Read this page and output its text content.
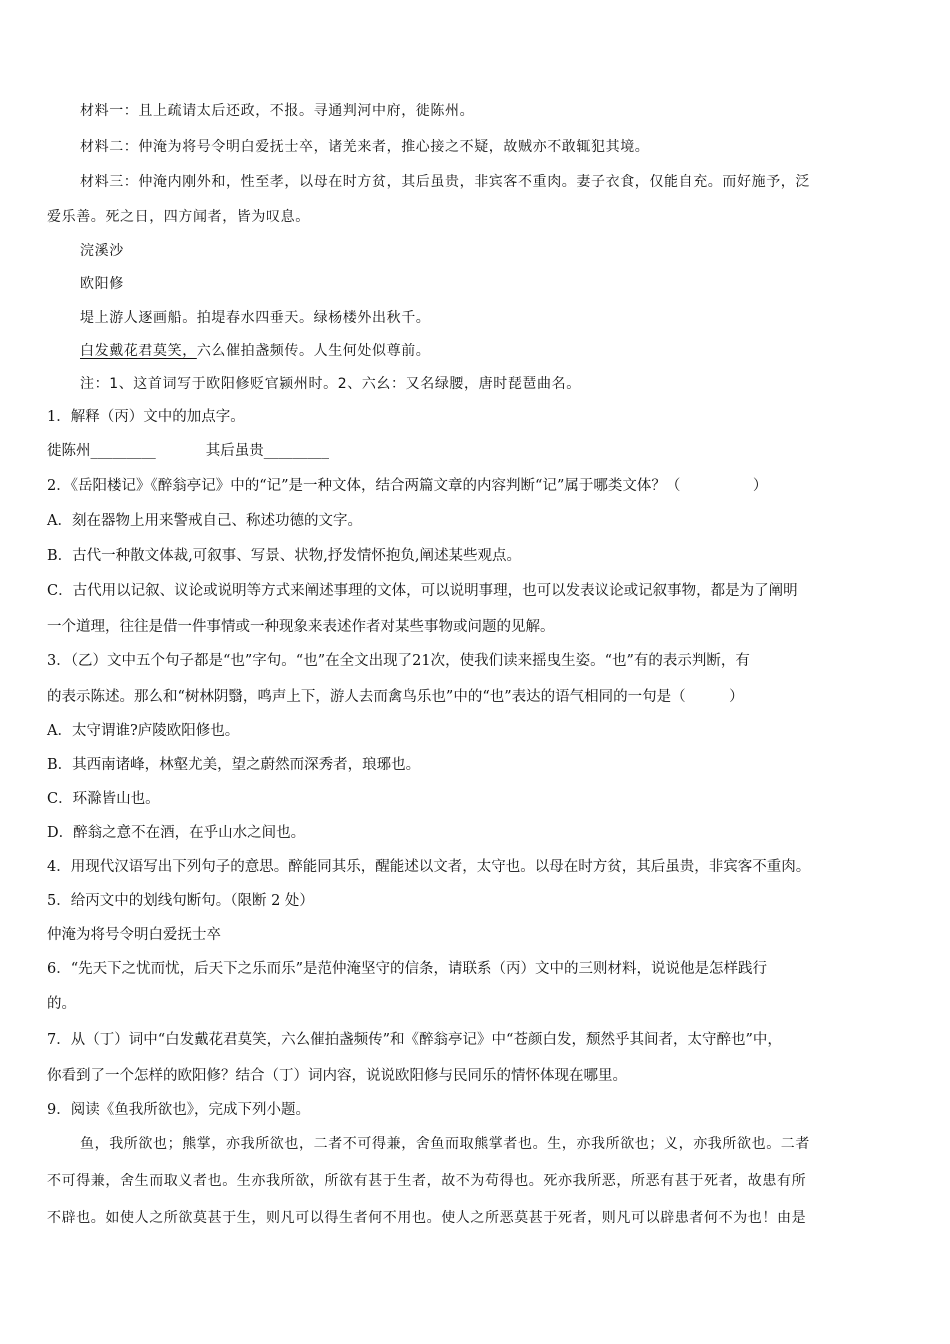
材料一：且上疏请太后还政，不报。寻通判河中府，徙陈州。
材料二：仲淹为将号令明白爱抚士卒，诸羌来者，推心接之不疑，故贼亦不敢辄犯其境。
材料三：仲淹内刚外和，性至孝，以母在时方贫，其后虽贵，非宾客不重肉。妻子衣食，仅能自充。而好施予，泛
爱乐善。死之日，四方闻者，皆为叹息。
浣溪沙
欧阳修
堤上游人逐画船。拍堤春水四垂天。绿杨楼外出秋千。
白发戴花君莫笑，六么催拍盏频传。人生何处似尊前。
注：1、这首词写于欧阳修贬官颍州时。2、六幺：又名绿腰，唐时琵琶曲名。
1．解释（丙）文中的加点字。
徙陈州_________	其后虽贵_________
2．《岳阳楼记》《醉翁亭记》中的“记”是一种文体，结合两篇文章的内容判断“记”属于哪类文体？（　　　　　）
A．刻在器物上用来警戒自己、称述功德的文字。
B．古代一种散文体裁,可叙事、写景、状物,抒发情怀抱负,阐述某些观点。
C．古代用以记叙、议论或说明等方式来阐述事理的文体，可以说明事理，也可以发表议论或记叙事物，都是为了阐明
一个道理，往往是借一件事情或一种现象来表述作者对某些事物或问题的见解。
3．（乙）文中五个句子都是“也”字句。“也”在全文出现了21次，使我们读来摇曳生姿。“也”有的表示判断，有
的表示陈述。那么和“树林阴翳，鸣声上下，游人去而禽鸟乐也”中的“也”表达的语气相同的一句是（　　　）
A．太守谓谁?庐陵欧阳修也。
B．其西南诸峰，林壑尤美，望之蔚然而深秀者，琅琊也。
C．环滁皆山也。
D．醉翁之意不在酒，在乎山水之间也。
4．用现代汉语写出下列句子的意思。醉能同其乐，醒能述以文者，太守也。以母在时方贫，其后虽贵，非宾客不重肉。
5．给丙文中的划线句断句。（限断 2 处）
仲淹为将号令明白爱抚士卒
6．“先天下之忧而忧，后天下之乐而乐”是范仲淹坚守的信条，请联系（丙）文中的三则材料，说说他是怎样践行
的。
7．从（丁）词中“白发戴花君莫笑，六么催拍盏频传”和《醉翁亭记》中“苍颜白发，颓然乎其间者，太守醉也”中，
你看到了一个怎样的欧阳修？结合（丁）词内容，说说欧阳修与民同乐的情怀体现在哪里。
9．阅读《鱼我所欲也》，完成下列小题。
鱼，我所欲也；熊掌，亦我所欲也，二者不可得兼，舍鱼而取熊掌者也。生，亦我所欲也；义，亦我所欲也。二者
不可得兼，舍生而取义者也。生亦我所欲，所欲有甚于生者，故不为苟得也。死亦我所恶，所恶有甚于死者，故患有所
不辟也。如使人之所欲莫甚于生，则凡可以得生者何不用也。使人之所恶莫甚于死者，则凡可以辟患者何不为也！由是
